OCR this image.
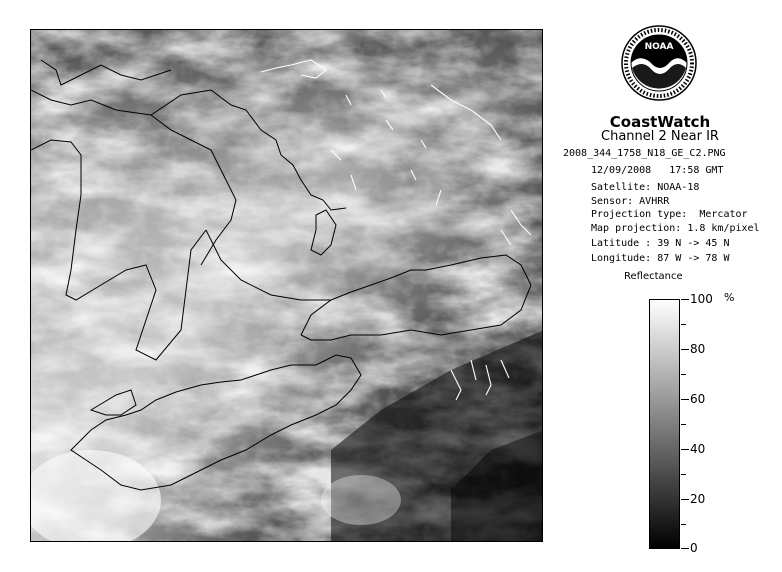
NOAA
CoastWatch
Channel 2 Near IR
2008_344_1758_N18_GE_C2.PNG
12/09/2008   17:58 GMT
Satellite: NOAA-18
Sensor: AVHRR
Projection type:  Mercator
Map projection: 1.8 km/pixel
Latitude : 39 N -> 45 N
Longitude: 87 W -> 78 W
Reflectance
%
100
80
60
40
20
0
